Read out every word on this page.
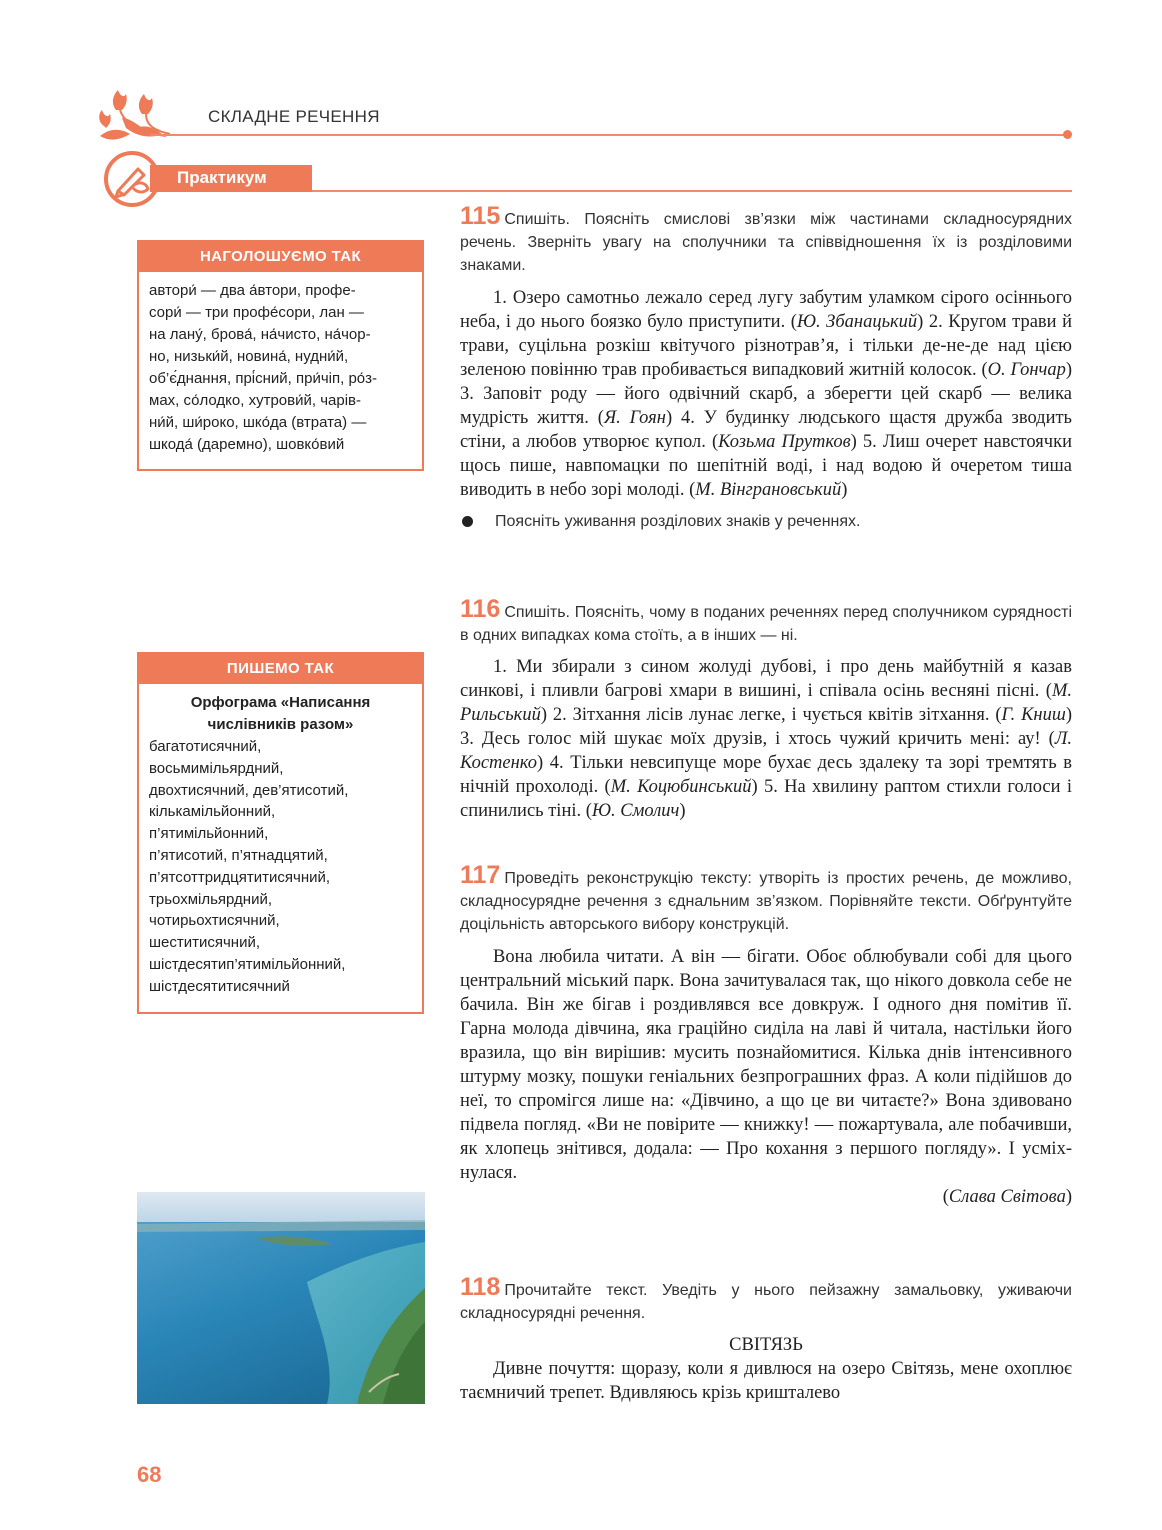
СКЛАДНЕ РЕЧЕННЯ
Практикум
НАГОЛОШУЄМО ТАК
автори́ — два а́втори, профе-
сори́ — три профе́сори, лан —
на лану́, брова́, на́чисто, на́чор-
но, низьки́й, новина́, нудни́й,
об’є́днання, прі́сний, при́чіп, ро́з-
мах, со́лодко, хутрови́й, чарів-
ни́й, ши́роко, шко́да (втрата) —
шкода́ (даремно), шовко́вий
ПИШЕМО ТАК
Орфограма «Написання
числівників разом»
багатотисячний,
восьмимільярдний,
двохтисячний, дев’ятисотий,
кількамільйонний,
п’ятимільйонний,
п’ятисотий, п’ятнадцятий,
п’ятсоттридцятитисячний,
трьохмільярдний,
чотирьохтисячний,
шеститисячний,
шістдесятип’ятимільйонний,
шістдесятитисячний

115 Спишіть. Поясніть смислові зв’язки між частинами складносурядних речень. Зверніть увагу на сполучники та співвідношення їх із розділовими знаками.

1. Озеро самотньо лежало серед лугу забутим уламком сірого осіннього неба, і до нього боязко було приступити. (Ю. Збанацький) 2. Кругом трави й трави, суцільна розкіш квітучого різнотрав’я, і тільки де-не-де над цією зеленою повінню трав пробивається випадковий житній колосок. (О. Гончар) 3. Заповіт роду — його одвічний скарб, а зберегти цей скарб — велика мудрість життя. (Я. Гоян) 4. У будинку людського щастя дружба зводить стіни, а любов утворює купол. (Козьма Прутков) 5. Лиш очерет навстоячки щось пише, навпомацки по шепітній воді, і над водою й очеретом тиша виводить в небо зорі молоді. (М. Вінграновський)

Поясніть уживання розділових знаків у реченнях.

116 Спишіть. Поясніть, чому в поданих реченнях перед сполучником сурядності в одних випадках кома стоїть, а в інших — ні.

1. Ми збирали з сином жолуді дубові, і про день майбутній я казав синкові, і пливли багрові хмари в вишині, і співала осінь весняні пісні. (М. Рильський) 2. Зітхання лісів лунає легке, і чується квітів зітхання. (Г. Книш) 3. Десь голос мій шукає моїх друзів, і хтось чужий кричить мені: ау! (Л. Костенко) 4. Тільки невсипуще море бухає десь здалеку та зорі тремтять в нічній прохолоді. (М. Коцюбинський) 5. На хвилину раптом стихли голоси і спинились тіні. (Ю. Смолич)

117 Проведіть реконструкцію тексту: утворіть із простих речень, де можливо, складносурядне речення з єднальним зв’язком. Порівняйте тексти. Обґрунтуйте доцільність авторського вибору конструкцій.

Вона любила читати. А він — бігати. Обоє облюбували собі для цього центральний міський парк. Вона зачитувалася так, що нікого довкола себе не бачила. Він же бігав і роздивлявся все довкруж. І одного дня помітив її. Гарна молода дівчина, яка граційно сиділа на лаві й читала, настільки його вразила, що він вирішив: мусить познайомитися. Кілька днів інтенсивного штурму мозку, пошуки геніальних безпрограшних фраз. А коли підійшов до неї, то спромігся лише на: «Дівчино, а що це ви читаєте?» Вона здивовано підвела погляд. «Ви не повірите — книжку! — пожартувала, але побачивши, як хлопець знітився, додала: — Про кохання з першого погляду». І усміхнулася.

(Слава Світова)

118 Прочитайте текст. Уведіть у нього пейзажну замальовку, уживаючи складносурядні речення.

СВІТЯЗЬ

Дивне почуття: щоразу, коли я дивлюся на озеро Світязь, мене охоплює таємничий трепет. Вдивляюсь крізь кришталево

68
